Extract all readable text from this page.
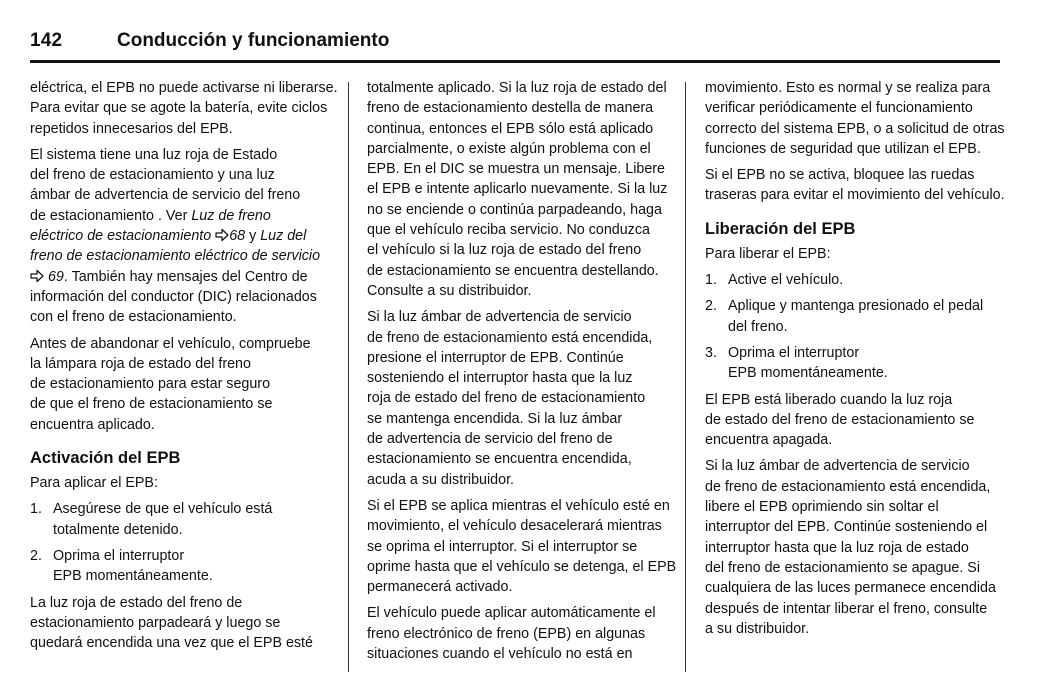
142	Conducción y funcionamiento

eléctrica, el EPB no puede activarse ni liberarse.
Para evitar que se agote la batería, evite ciclos
repetidos innecesarios del EPB.

El sistema tiene una luz roja de Estado
del freno de estacionamiento y una luz
ámbar de advertencia de servicio del freno
de estacionamiento . Ver Luz de freno
eléctrico de estacionamiento 68 y Luz del
freno de estacionamiento eléctrico de servicio
69. También hay mensajes del Centro de
información del conductor (DIC) relacionados
con el freno de estacionamiento.

Antes de abandonar el vehículo, compruebe
la lámpara roja de estado del freno
de estacionamiento para estar seguro
de que el freno de estacionamiento se
encuentra aplicado.

Activación del EPB

Para aplicar el EPB:

1. Asegúrese de que el vehículo está
totalmente detenido.
2. Oprima el interruptor
EPB momentáneamente.

La luz roja de estado del freno de
estacionamiento parpadeará y luego se
quedará encendida una vez que el EPB esté

totalmente aplicado. Si la luz roja de estado del
freno de estacionamiento destella de manera
continua, entonces el EPB sólo está aplicado
parcialmente, o existe algún problema con el
EPB. En el DIC se muestra un mensaje. Libere
el EPB e intente aplicarlo nuevamente. Si la luz
no se enciende o continúa parpadeando, haga
que el vehículo reciba servicio. No conduzca
el vehículo si la luz roja de estado del freno
de estacionamiento se encuentra destellando.
Consulte a su distribuidor.

Si la luz ámbar de advertencia de servicio
de freno de estacionamiento está encendida,
presione el interruptor de EPB. Continúe
sosteniendo el interruptor hasta que la luz
roja de estado del freno de estacionamiento
se mantenga encendida. Si la luz ámbar
de advertencia de servicio del freno de
estacionamiento se encuentra encendida,
acuda a su distribuidor.

Si el EPB se aplica mientras el vehículo esté en
movimiento, el vehículo desacelerará mientras
se oprima el interruptor. Si el interruptor se
oprime hasta que el vehículo se detenga, el EPB
permanecerá activado.

El vehículo puede aplicar automáticamente el
freno electrónico de freno (EPB) en algunas
situaciones cuando el vehículo no está en

movimiento. Esto es normal y se realiza para
verificar periódicamente el funcionamiento
correcto del sistema EPB, o a solicitud de otras
funciones de seguridad que utilizan el EPB.

Si el EPB no se activa, bloquee las ruedas
traseras para evitar el movimiento del vehículo.

Liberación del EPB

Para liberar el EPB:

1. Active el vehículo.
2. Aplique y mantenga presionado el pedal
del freno.
3. Oprima el interruptor
EPB momentáneamente.

El EPB está liberado cuando la luz roja
de estado del freno de estacionamiento se
encuentra apagada.

Si la luz ámbar de advertencia de servicio
de freno de estacionamiento está encendida,
libere el EPB oprimiendo sin soltar el
interruptor del EPB. Continúe sosteniendo el
interruptor hasta que la luz roja de estado
del freno de estacionamiento se apague. Si
cualquiera de las luces permanece encendida
después de intentar liberar el freno, consulte
a su distribuidor.
